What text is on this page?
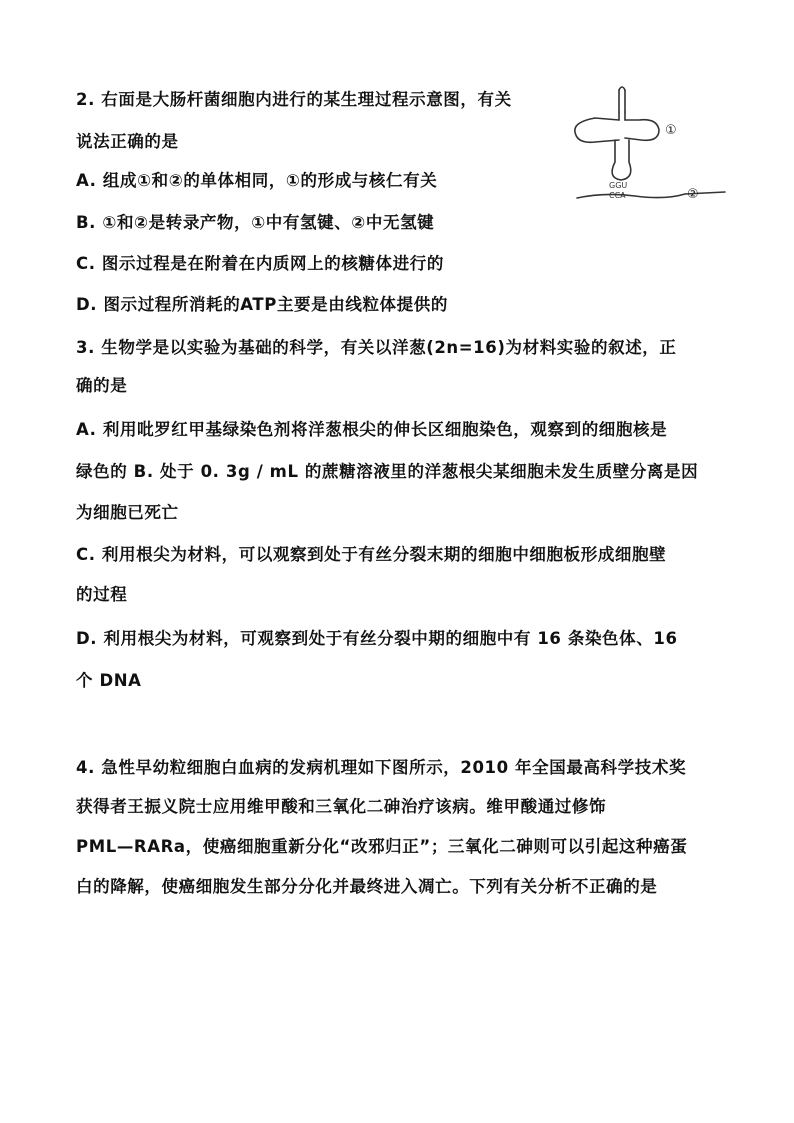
2. 右面是大肠杆菌细胞内进行的某生理过程示意图，有关
说法正确的是
A. 组成①和②的单体相同，①的形成与核仁有关
B. ①和②是转录产物，①中有氢键、②中无氢键
C. 图示过程是在附着在内质网上的核糖体进行的
D. 图示过程所消耗的ATP主要是由线粒体提供的
GGU
CCA
①
②
3. 生物学是以实验为基础的科学，有关以洋葱(2n=16)为材料实验的叙述，正
确的是
A. 利用吡罗红甲基绿染色剂将洋葱根尖的伸长区细胞染色，观察到的细胞核是
绿色的 B. 处于 0. 3g / mL 的蔗糖溶液里的洋葱根尖某细胞未发生质壁分离是因
为细胞已死亡
C. 利用根尖为材料，可以观察到处于有丝分裂末期的细胞中细胞板形成细胞壁
的过程
D. 利用根尖为材料，可观察到处于有丝分裂中期的细胞中有 16 条染色体、16
个 DNA
4. 急性早幼粒细胞白血病的发病机理如下图所示，2010 年全国最高科学技术奖
获得者王振义院士应用维甲酸和三氧化二砷治疗该病。维甲酸通过修饰
PML—RARa，使癌细胞重新分化“改邪归正”；三氧化二砷则可以引起这种癌蛋
白的降解，使癌细胞发生部分分化并最终进入凋亡。下列有关分析不正确的是
